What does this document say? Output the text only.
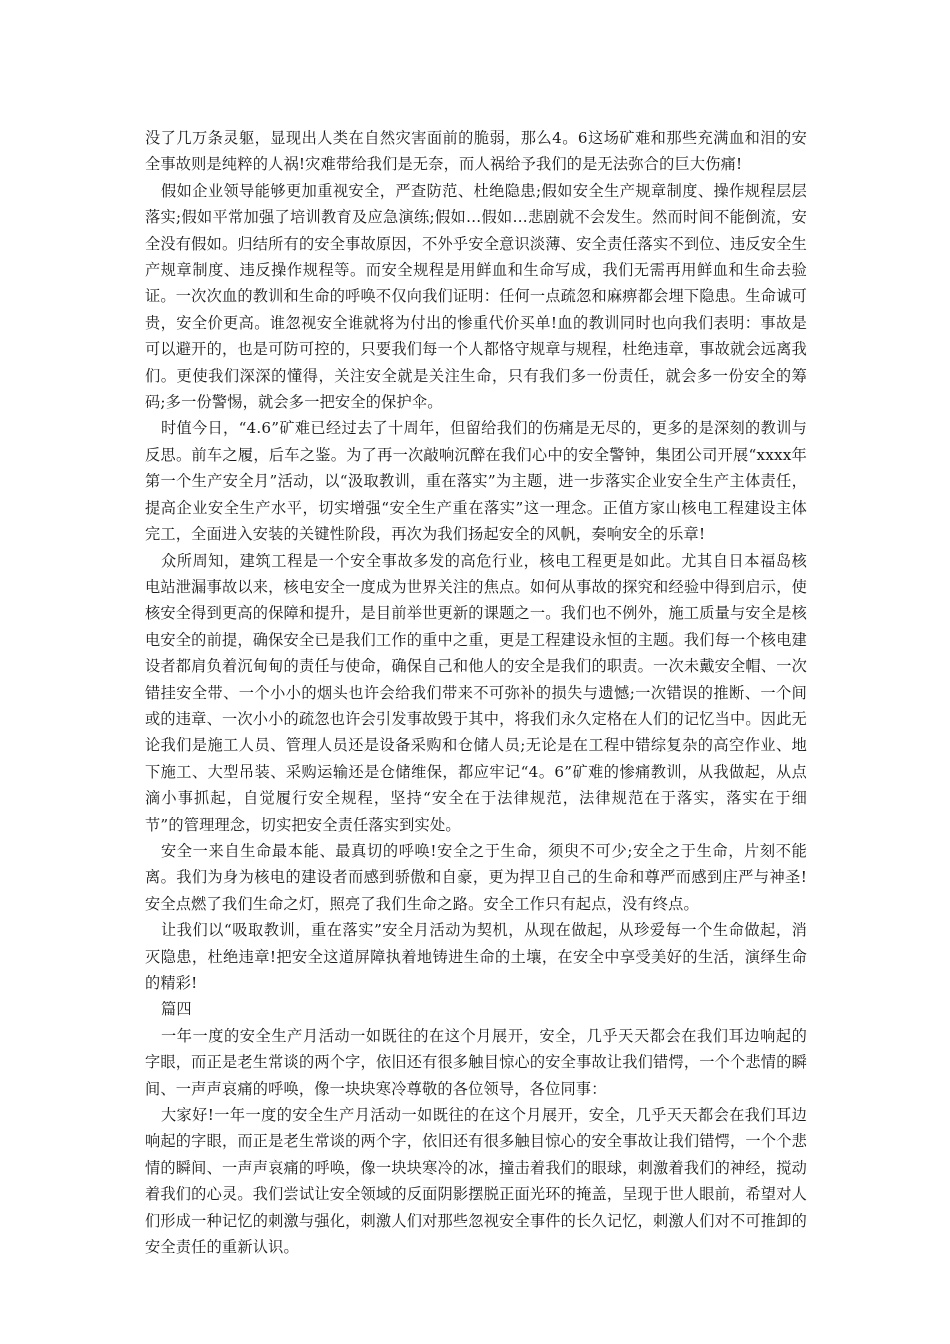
没了几万条灵躯，显现出人类在自然灾害面前的脆弱，那么4。6这场矿难和那些充满血和泪的安全事故则是纯粹的人祸!灾难带给我们是无奈，而人祸给予我们的是无法弥合的巨大伤痛!

假如企业领导能够更加重视安全，严查防范、杜绝隐患;假如安全生产规章制度、操作规程层层落实;假如平常加强了培训教育及应急演练;假如…假如…悲剧就不会发生。然而时间不能倒流，安全没有假如。归结所有的安全事故原因，不外乎安全意识淡薄、安全责任落实不到位、违反安全生产规章制度、违反操作规程等。而安全规程是用鲜血和生命写成，我们无需再用鲜血和生命去验证。一次次血的教训和生命的呼唤不仅向我们证明：任何一点疏忽和麻痹都会埋下隐患。生命诚可贵，安全价更高。谁忽视安全谁就将为付出的惨重代价买单!血的教训同时也向我们表明：事故是可以避开的，也是可防可控的，只要我们每一个人都恪守规章与规程，杜绝违章，事故就会远离我们。更使我们深深的懂得，关注安全就是关注生命，只有我们多一份责任，就会多一份安全的筹码;多一份警惕，就会多一把安全的保护伞。

时值今日，“4.6”矿难已经过去了十周年，但留给我们的伤痛是无尽的，更多的是深刻的教训与反思。前车之履，后车之鉴。为了再一次敲响沉醉在我们心中的安全警钟，集团公司开展“xxxx年第一个生产安全月”活动，以“汲取教训，重在落实”为主题，进一步落实企业安全生产主体责任，提高企业安全生产水平，切实增强“安全生产重在落实”这一理念。正值方家山核电工程建设主体完工，全面进入安装的关键性阶段，再次为我们扬起安全的风帆，奏响安全的乐章!

众所周知，建筑工程是一个安全事故多发的高危行业，核电工程更是如此。尤其自日本福岛核电站泄漏事故以来，核电安全一度成为世界关注的焦点。如何从事故的探究和经验中得到启示，使核安全得到更高的保障和提升，是目前举世更新的课题之一。我们也不例外，施工质量与安全是核电安全的前提，确保安全已是我们工作的重中之重，更是工程建设永恒的主题。我们每一个核电建设者都肩负着沉甸甸的责任与使命，确保自己和他人的安全是我们的职责。一次未戴安全帽、一次错挂安全带、一个小小的烟头也许会给我们带来不可弥补的损失与遗憾;一次错误的推断、一个间或的违章、一次小小的疏忽也许会引发事故毁于其中，将我们永久定格在人们的记忆当中。因此无论我们是施工人员、管理人员还是设备采购和仓储人员;无论是在工程中错综复杂的高空作业、地下施工、大型吊装、采购运输还是仓储维保，都应牢记“4。6”矿难的惨痛教训，从我做起，从点滴小事抓起，自觉履行安全规程，坚持“安全在于法律规范，法律规范在于落实，落实在于细节”的管理理念，切实把安全责任落实到实处。

安全一来自生命最本能、最真切的呼唤!安全之于生命，须臾不可少;安全之于生命，片刻不能离。我们为身为核电的建设者而感到骄傲和自豪，更为捍卫自己的生命和尊严而感到庄严与神圣!安全点燃了我们生命之灯，照亮了我们生命之路。安全工作只有起点，没有终点。

让我们以“吸取教训，重在落实”安全月活动为契机，从现在做起，从珍爱每一个生命做起，消灭隐患，杜绝违章!把安全这道屏障执着地铸进生命的土壤，在安全中享受美好的生活，演绎生命的精彩!

篇四

一年一度的安全生产月活动一如既往的在这个月展开，安全，几乎天天都会在我们耳边响起的字眼，而正是老生常谈的两个字，依旧还有很多触目惊心的安全事故让我们错愕，一个个悲情的瞬间、一声声哀痛的呼唤，像一块块寒冷尊敬的各位领导，各位同事：

大家好!一年一度的安全生产月活动一如既往的在这个月展开，安全，几乎天天都会在我们耳边响起的字眼，而正是老生常谈的两个字，依旧还有很多触目惊心的安全事故让我们错愕，一个个悲情的瞬间、一声声哀痛的呼唤，像一块块寒冷的冰，撞击着我们的眼球，刺激着我们的神经，搅动着我们的心灵。我们尝试让安全领域的反面阴影摆脱正面光环的掩盖，呈现于世人眼前，希望对人们形成一种记忆的刺激与强化，刺激人们对那些忽视安全事件的长久记忆，刺激人们对不可推卸的安全责任的重新认识。
